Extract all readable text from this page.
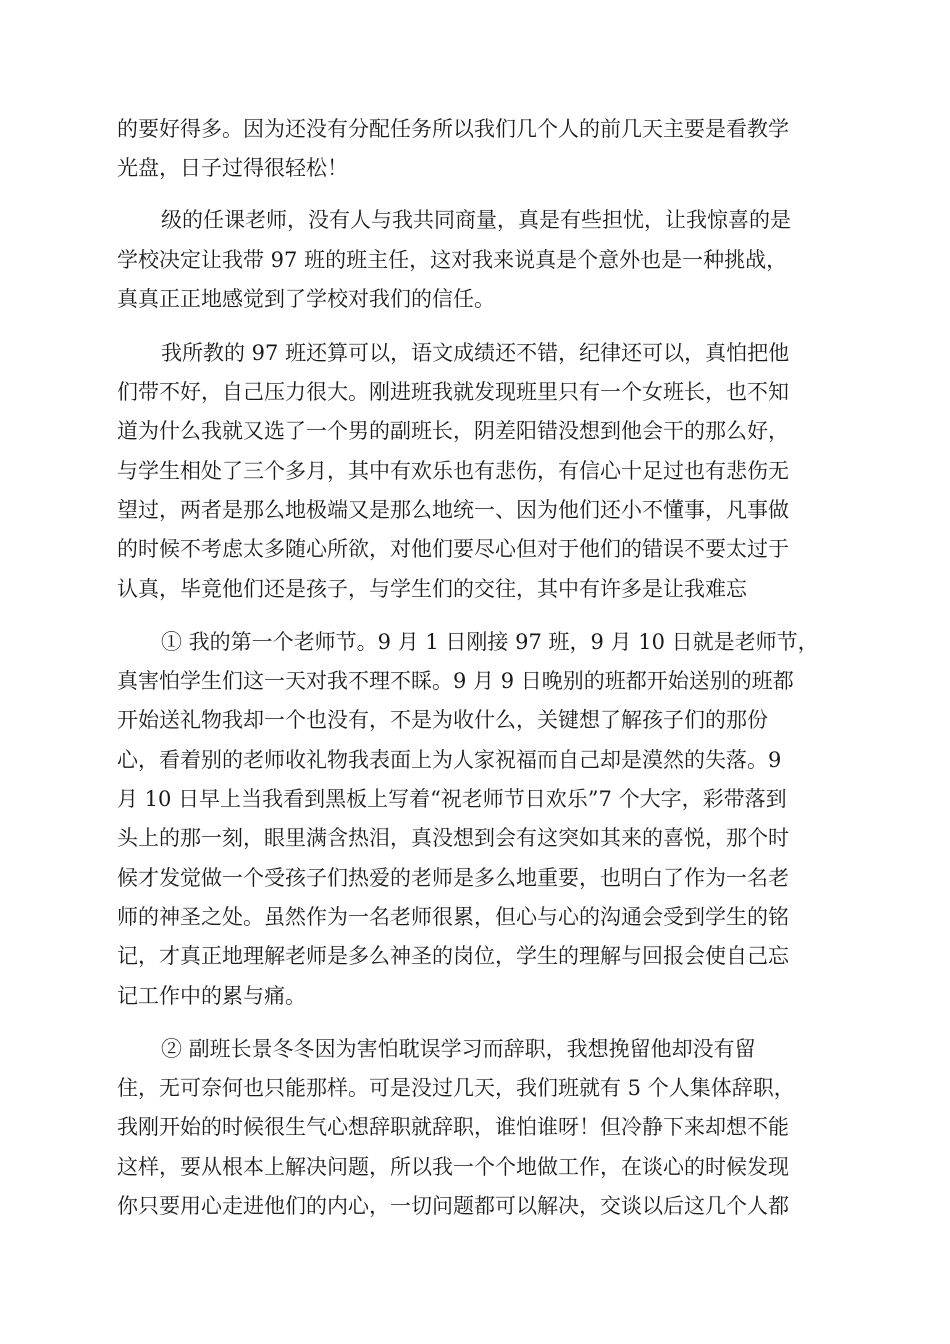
的要好得多。因为还没有分配任务所以我们几个人的前几天主要是看教学
光盘，日子过得很轻松！
级的任课老师，没有人与我共同商量，真是有些担忧，让我惊喜的是
学校决定让我带 97 班的班主任，这对我来说真是个意外也是一种挑战，
真真正正地感觉到了学校对我们的信任。
我所教的 97 班还算可以，语文成绩还不错，纪律还可以，真怕把他
们带不好，自己压力很大。刚进班我就发现班里只有一个女班长，也不知
道为什么我就又选了一个男的副班长，阴差阳错没想到他会干的那么好，
与学生相处了三个多月，其中有欢乐也有悲伤，有信心十足过也有悲伤无
望过，两者是那么地极端又是那么地统一、因为他们还小不懂事，凡事做
的时候不考虑太多随心所欲，对他们要尽心但对于他们的错误不要太过于
认真，毕竟他们还是孩子，与学生们的交往，其中有许多是让我难忘
① 我的第一个老师节。9 月 1 日刚接 97 班，9 月 10 日就是老师节，
真害怕学生们这一天对我不理不睬。9 月 9 日晚别的班都开始送别的班都
开始送礼物我却一个也没有，不是为收什么，关键想了解孩子们的那份
心，看着别的老师收礼物我表面上为人家祝福而自己却是漠然的失落。9
月 10 日早上当我看到黑板上写着“祝老师节日欢乐”7 个大字，彩带落到
头上的那一刻，眼里满含热泪，真没想到会有这突如其来的喜悦，那个时
候才发觉做一个受孩子们热爱的老师是多么地重要，也明白了作为一名老
师的神圣之处。虽然作为一名老师很累，但心与心的沟通会受到学生的铭
记，才真正地理解老师是多么神圣的岗位，学生的理解与回报会使自己忘
记工作中的累与痛。
② 副班长景冬冬因为害怕耽误学习而辞职，我想挽留他却没有留
住，无可奈何也只能那样。可是没过几天，我们班就有 5 个人集体辞职，
我刚开始的时候很生气心想辞职就辞职，谁怕谁呀！但冷静下来却想不能
这样，要从根本上解决问题，所以我一个个地做工作，在谈心的时候发现
你只要用心走进他们的内心，一切问题都可以解决，交谈以后这几个人都
